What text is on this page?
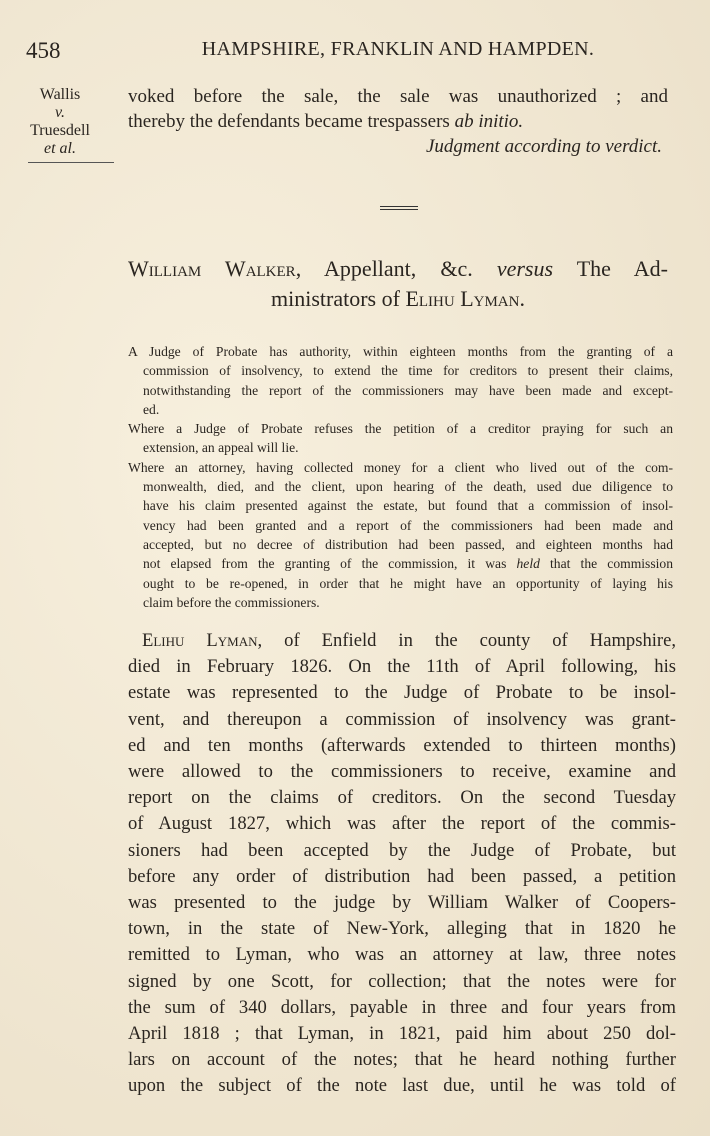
458	HAMPSHIRE, FRANKLIN AND HAMPDEN.
Wallis
v.
Truesdell
et al.
voked before the sale, the sale was unauthorized ; and
thereby the defendants became trespassers ab initio.
Judgment according to verdict.
William Walker, Appellant, &c. versus The Ad-
ministrators of Elihu Lyman.
A Judge of Probate has authority, within eighteen months from the granting of a
commission of insolvency, to extend the time for creditors to present their claims,
notwithstanding the report of the commissioners may have been made and except-
ed.
Where a Judge of Probate refuses the petition of a creditor praying for such an
extension, an appeal will lie.
Where an attorney, having collected money for a client who lived out of the com-
monwealth, died, and the client, upon hearing of the death, used due diligence to
have his claim presented against the estate, but found that a commission of insol-
vency had been granted and a report of the commissioners had been made and
accepted, but no decree of distribution had been passed, and eighteen months had
not elapsed from the granting of the commission, it was held that the commission
ought to be re-opened, in order that he might have an opportunity of laying his
claim before the commissioners.
Elihu Lyman, of Enfield in the county of Hampshire,
died in February 1826. On the 11th of April following, his
estate was represented to the Judge of Probate to be insol-
vent, and thereupon a commission of insolvency was grant-
ed and ten months (afterwards extended to thirteen months)
were allowed to the commissioners to receive, examine and
report on the claims of creditors. On the second Tuesday
of August 1827, which was after the report of the commis-
sioners had been accepted by the Judge of Probate, but
before any order of distribution had been passed, a petition
was presented to the judge by William Walker of Coopers-
town, in the state of New-York, alleging that in 1820 he
remitted to Lyman, who was an attorney at law, three notes
signed by one Scott, for collection; that the notes were for
the sum of 340 dollars, payable in three and four years from
April 1818 ; that Lyman, in 1821, paid him about 250 dol-
lars on account of the notes; that he heard nothing further
upon the subject of the note last due, until he was told of
